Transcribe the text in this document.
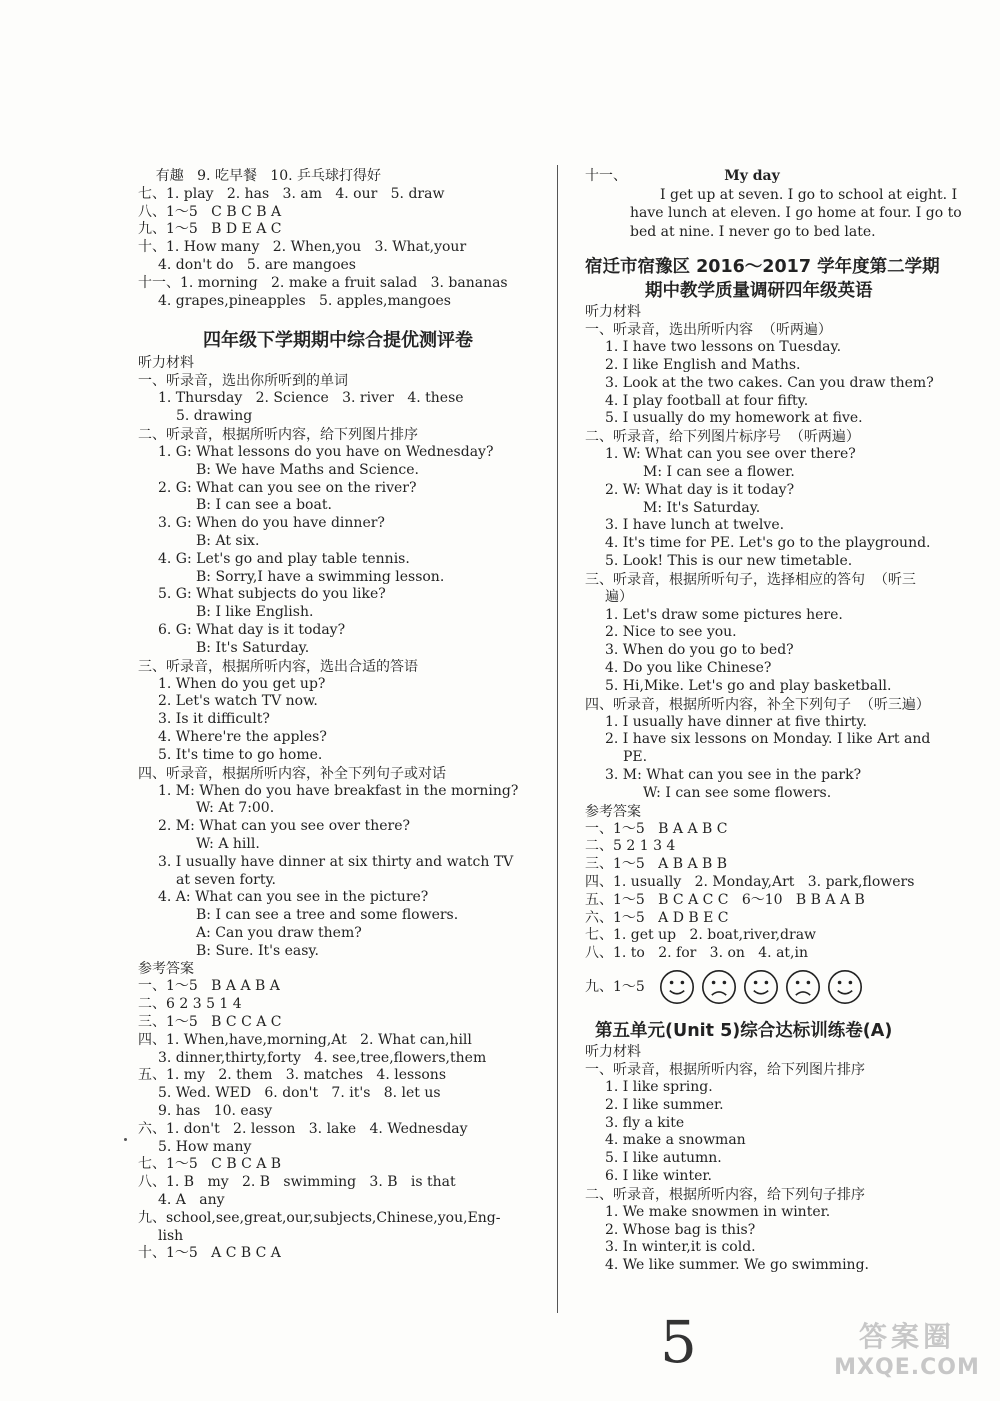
有趣   9. 吃早餐   10. 乒乓球打得好
七、1. play   2. has   3. am   4. our   5. draw
八、1～5   C B C B A
九、1～5   B D E A C
十、1. How many   2. When,you   3. What,your
4. don't do   5. are mangoes
十一、1. morning   2. make a fruit salad   3. bananas
4. grapes,pineapples   5. apples,mangoes
四年级下学期期中综合提优测评卷
听力材料
一、听录音，选出你所听到的单词
1. Thursday   2. Science   3. river   4. these
5. drawing
二、听录音，根据所听内容，给下列图片排序
1. G: What lessons do you have on Wednesday?
B: We have Maths and Science.
2. G: What can you see on the river?
B: I can see a boat.
3. G: When do you have dinner?
B: At six.
4. G: Let's go and play table tennis.
B: Sorry,I have a swimming lesson.
5. G: What subjects do you like?
B: I like English.
6. G: What day is it today?
B: It's Saturday.
三、听录音，根据所听内容，选出合适的答语
1. When do you get up?
2. Let's watch TV now.
3. Is it difficult?
4. Where're the apples?
5. It's time to go home.
四、听录音，根据所听内容，补全下列句子或对话
1. M: When do you have breakfast in the morning?
W: At 7:00.
2. M: What can you see over there?
W: A hill.
3. I usually have dinner at six thirty and watch TV
at seven forty.
4. A: What can you see in the picture?
B: I can see a tree and some flowers.
A: Can you draw them?
B: Sure. It's easy.
参考答案
一、1～5   B A A B A
二、6 2 3 5 1 4
三、1～5   B C C A C
四、1. When,have,morning,At   2. What can,hill
3. dinner,thirty,forty   4. see,tree,flowers,them
五、1. my   2. them   3. matches   4. lessons
5. Wed. WED   6. don't   7. it's   8. let us
9. has   10. easy
六、1. don't   2. lesson   3. lake   4. Wednesday
5. How many
七、1～5   C B C A B
八、1. B   my   2. B   swimming   3. B   is that
4. A   any
九、school,see,great,our,subjects,Chinese,you,Eng-
lish
十、1～5   A C B C A
十一、	My day
I get up at seven. I go to school at eight. I have lunch at eleven. I go home at four. I go to bed at nine. I never go to bed late.
宿迁市宿豫区 2016～2017 学年度第二学期
期中教学质量调研四年级英语
听力材料
一、听录音，选出所听内容  （听两遍）
1. I have two lessons on Tuesday.
2. I like English and Maths.
3. Look at the two cakes. Can you draw them?
4. I play football at four fifty.
5. I usually do my homework at five.
二、听录音，给下列图片标序号  （听两遍）
1. W: What can you see over there?
M: I can see a flower.
2. W: What day is it today?
M: It's Saturday.
3. I have lunch at twelve.
4. It's time for PE. Let's go to the playground.
5. Look! This is our new timetable.
三、听录音，根据所听句子，选择相应的答句  （听三
遍）
1. Let's draw some pictures here.
2. Nice to see you.
3. When do you go to bed?
4. Do you like Chinese?
5. Hi,Mike. Let's go and play basketball.
四、听录音，根据所听内容，补全下列句子  （听三遍）
1. I usually have dinner at five thirty.
2. I have six lessons on Monday. I like Art and
PE.
3. M: What can you see in the park?
W: I can see some flowers.
参考答案
一、1～5   B A A B C
二、5 2 1 3 4
三、1～5   A B A B B
四、1. usually   2. Monday,Art   3. park,flowers
五、1～5   B C A C C   6～10   B B A A B
六、1～5   A D B E C
七、1. get up   2. boat,river,draw
八、1. to   2. for   3. on   4. at,in
九、1～5
第五单元(Unit 5)综合达标训练卷(A)
听力材料
一、听录音，根据所听内容，给下列图片排序
1. I like spring.
2. I like summer.
3. fly a kite
4. make a snowman
5. I like autumn.
6. I like winter.
二、听录音，根据所听内容，给下列句子排序
1. We make snowmen in winter.
2. Whose bag is this?
3. In winter,it is cold.
4. We like summer. We go swimming.
5	答案圈
MXQE.COM
